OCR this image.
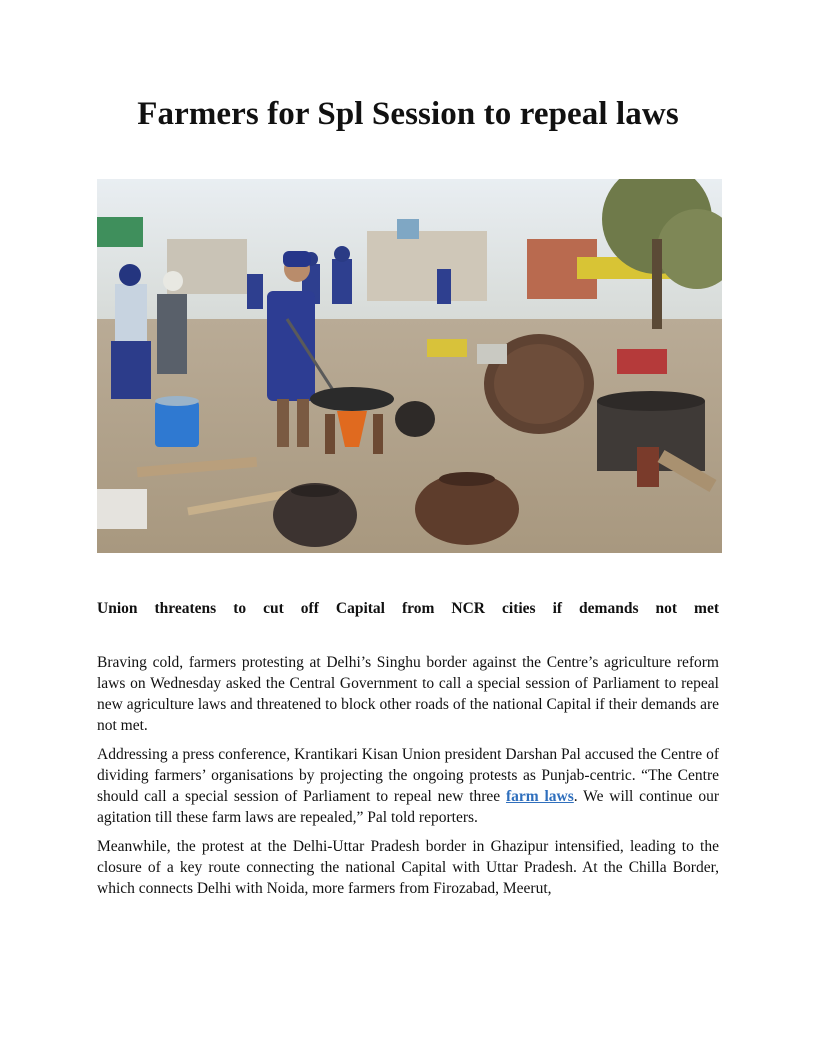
Farmers for Spl Session to repeal laws

Union threatens to cut off Capital from NCR cities if demands not met

Braving cold, farmers protesting at Delhi’s Singhu border against the Centre’s agriculture reform laws on Wednesday asked the Central Government to call a special session of Parliament to repeal new agriculture laws and threatened to block other roads of the national Capital if their demands are not met.

Addressing a press conference, Krantikari Kisan Union president Darshan Pal accused the Centre of dividing farmers’ organisations by projecting the ongoing protests as Punjab-centric. “The Centre should call a special session of Parliament to repeal new three farm laws. We will continue our agitation till these farm laws are repealed,” Pal told reporters.

Meanwhile, the protest at the Delhi-Uttar Pradesh border in Ghazipur intensified, leading to the closure of a key route connecting the national Capital with Uttar Pradesh. At the Chilla Border, which connects Delhi with Noida, more farmers from Firozabad, Meerut,
